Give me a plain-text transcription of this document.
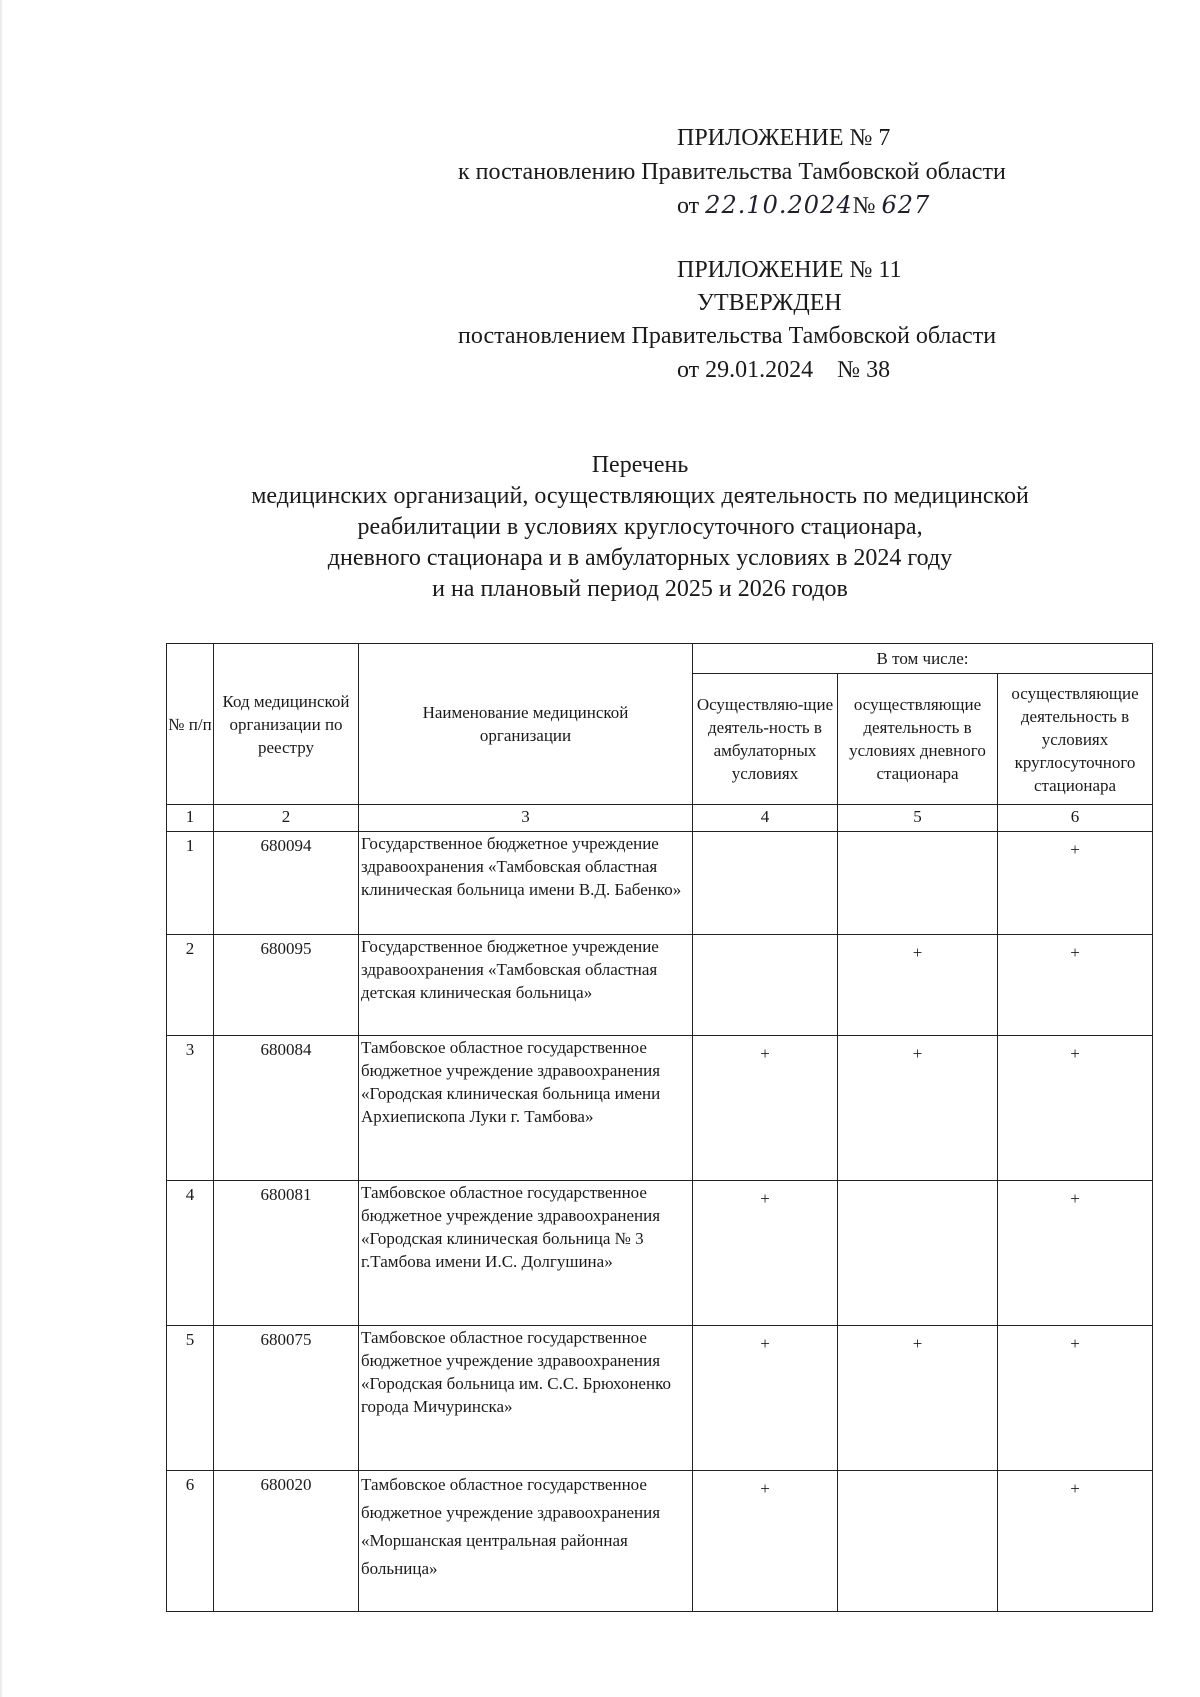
ПРИЛОЖЕНИЕ № 7
к постановлению Правительства Тамбовской области
от 22.10.2024№ 627
ПРИЛОЖЕНИЕ № 11
УТВЕРЖДЕН
постановлением Правительства Тамбовской области
от 29.01.2024    № 38
Перечень
медицинских организаций, осуществляющих деятельность по медицинской
реабилитации в условиях круглосуточного стационара,
дневного стационара и в амбулаторных условиях в 2024 году
и на плановый период 2025 и 2026 годов
№ п/п	Код медицинской организации по реестру	Наименование медицинской организации	В том числе:		
			Осуществляю-щие деятель-ность в амбулаторных условиях	осуществляющие деятельность в условиях дневного стационара	осуществляющие деятельность в условиях круглосуточного стационара
1	2	3	4	5	6
1	680094	Государственное бюджетное учреждение здравоохранения «Тамбовская областная клиническая больница имени В.Д. Бабенко»			+
2	680095	Государственное бюджетное учреждение здравоохранения «Тамбовская областная детская клиническая больница»		+	+
3	680084	Тамбовское областное государственное бюджетное учреждение здравоохранения «Городская клиническая больница имени Архиепископа Луки г. Тамбова»	+	+	+
4	680081	Тамбовское областное государственное бюджетное учреждение здравоохранения «Городская клиническая больница № 3 г.Тамбова имени И.С. Долгушина»	+		+
5	680075	Тамбовское областное государственное бюджетное учреждение здравоохранения «Городская больница им. С.С. Брюхоненко города Мичуринска»	+	+	+
6	680020	Тамбовское областное государственное бюджетное учреждение здравоохранения «Моршанская центральная районная больница»	+		+
